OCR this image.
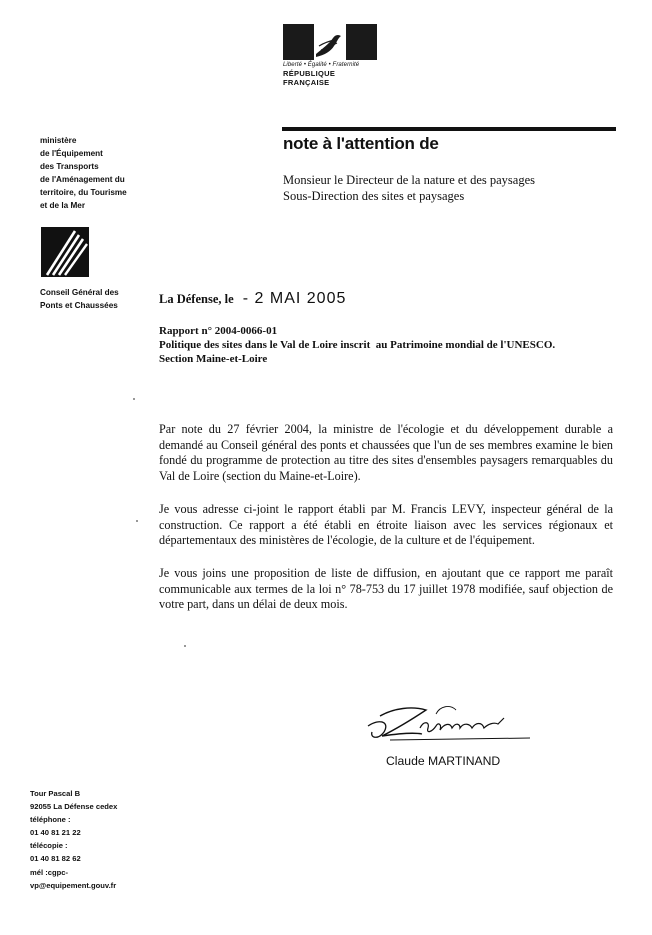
Liberté • Égalité • Fraternité
RÉPUBLIQUE FRANÇAISE
ministère
de l'Équipement
des Transports
de l'Aménagement du
territoire, du Tourisme
et de la Mer
Conseil Général des
Ponts et Chaussées
note à l'attention de
Monsieur le Directeur de la nature et des paysages
Sous-Direction des sites et paysages
La Défense, le - 2 MAI 2005
Rapport n° 2004-0066-01
Politique des sites dans le Val de Loire inscrit  au Patrimoine mondial de l'UNESCO.
Section Maine-et-Loire
Par note du 27 février 2004, la ministre de l'écologie et du développement durable a demandé au Conseil général des ponts et chaussées que l'un de ses membres examine le bien fondé du programme de protection au titre des sites d'ensembles paysagers remarquables du Val de Loire (section du Maine-et-Loire).
Je vous adresse ci-joint le rapport établi par M. Francis LEVY, inspecteur général de la construction. Ce rapport a été établi en étroite liaison avec les services régionaux et départementaux des ministères de l'écologie, de la culture et de l'équipement.
Je vous joins une proposition de liste de diffusion, en ajoutant que ce rapport me paraît communicable aux termes de la loi n° 78-753 du 17 juillet 1978 modifiée, sauf objection de votre part, dans un délai de deux mois.
Claude MARTINAND
Tour Pascal B
92055 La Défense cedex
téléphone :
01 40 81 21 22
télécopie :
01 40 81 82 62
mél :cgpc-
vp@equipement.gouv.fr
